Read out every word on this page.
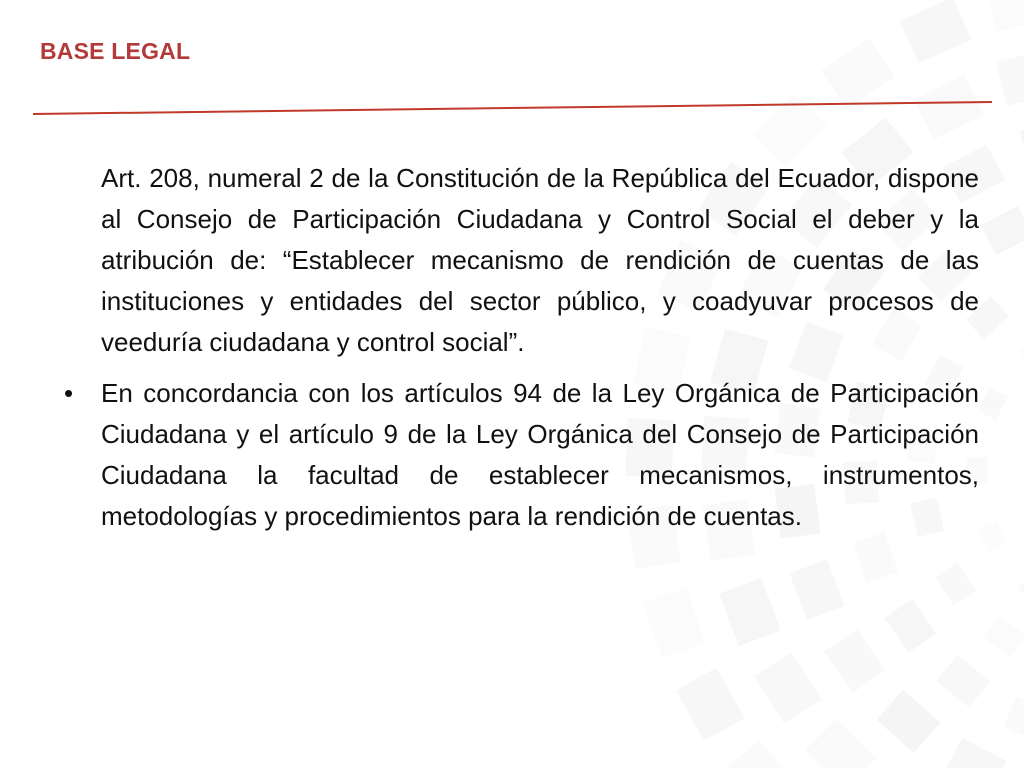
BASE LEGAL

Art. 208, numeral 2 de la Constitución de la República del Ecuador, dispone al Consejo de Participación Ciudadana y Control Social el deber y la atribución de: “Establecer mecanismo de rendición de cuentas de las instituciones y entidades del sector público, y coadyuvar procesos de veeduría ciudadana y control social”.

• En concordancia con los artículos 94 de la Ley Orgánica de Participación Ciudadana y el artículo 9 de la Ley Orgánica del Consejo de Participación Ciudadana la facultad de establecer mecanismos, instrumentos, metodologías y procedimientos para la rendición de cuentas.
